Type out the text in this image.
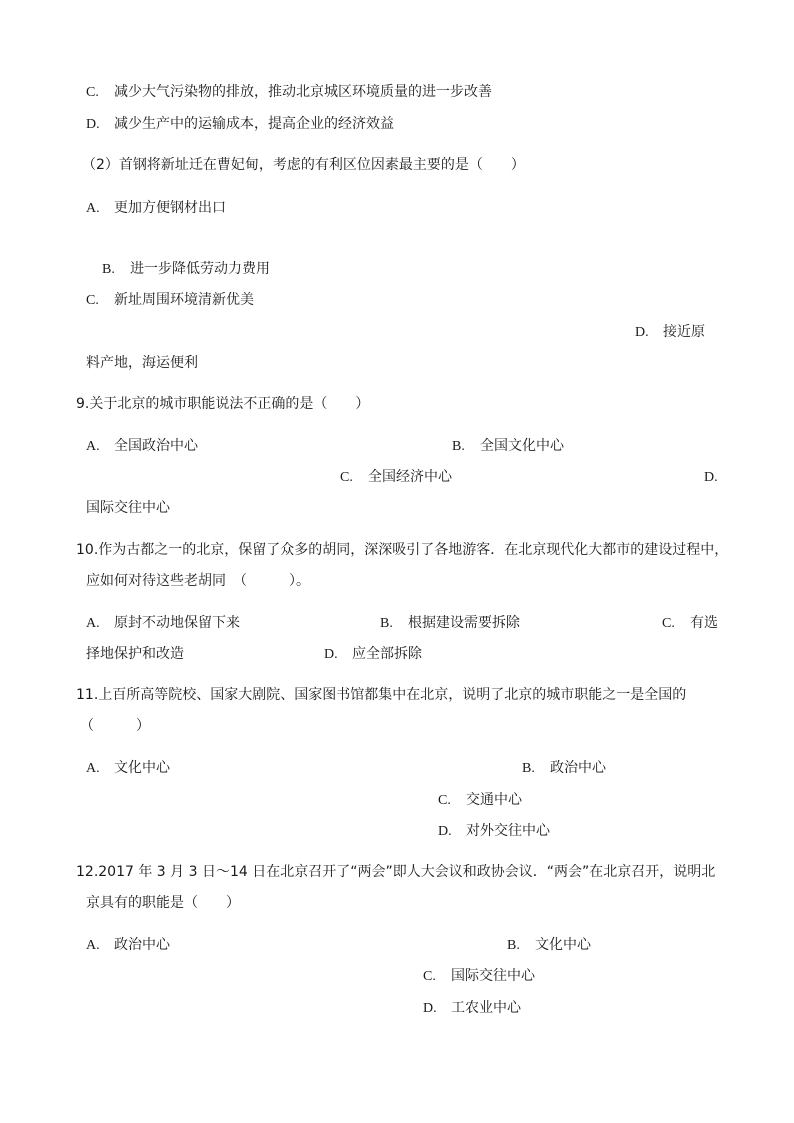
C. 减少大气污染物的排放，推动北京城区环境质量的进一步改善
D. 减少生产中的运输成本，提高企业的经济效益
（2）首钢将新址迁在曹妃甸，考虑的有利区位因素最主要的是（　　）
A. 更加方便钢材出口
B. 进一步降低劳动力费用
C. 新址周围环境清新优美
D. 接近原
料产地，海运便利
9.关于北京的城市职能说法不正确的是（　　）
A. 全国政治中心	B. 全国文化中心
C. 全国经济中心	D.
国际交往中心
10.作为古都之一的北京，保留了众多的胡同，深深吸引了各地游客．在北京现代化大都市的建设过程中，
应如何对待这些老胡同　（　　　）。
A. 原封不动地保留下来	B. 根据建设需要拆除	C. 有选
择地保护和改造	D. 应全部拆除
11.上百所高等院校、国家大剧院、国家图书馆都集中在北京，说明了北京的城市职能之一是全国的
（　　　）
A. 文化中心	B. 政治中心
C. 交通中心
D. 对外交往中心
12.2017 年 3 月 3 日～14 日在北京召开了“两会”即人大会议和政协会议．“两会”在北京召开，说明北
京具有的职能是（　　）
A. 政治中心	B. 文化中心
C. 国际交往中心
D. 工农业中心
